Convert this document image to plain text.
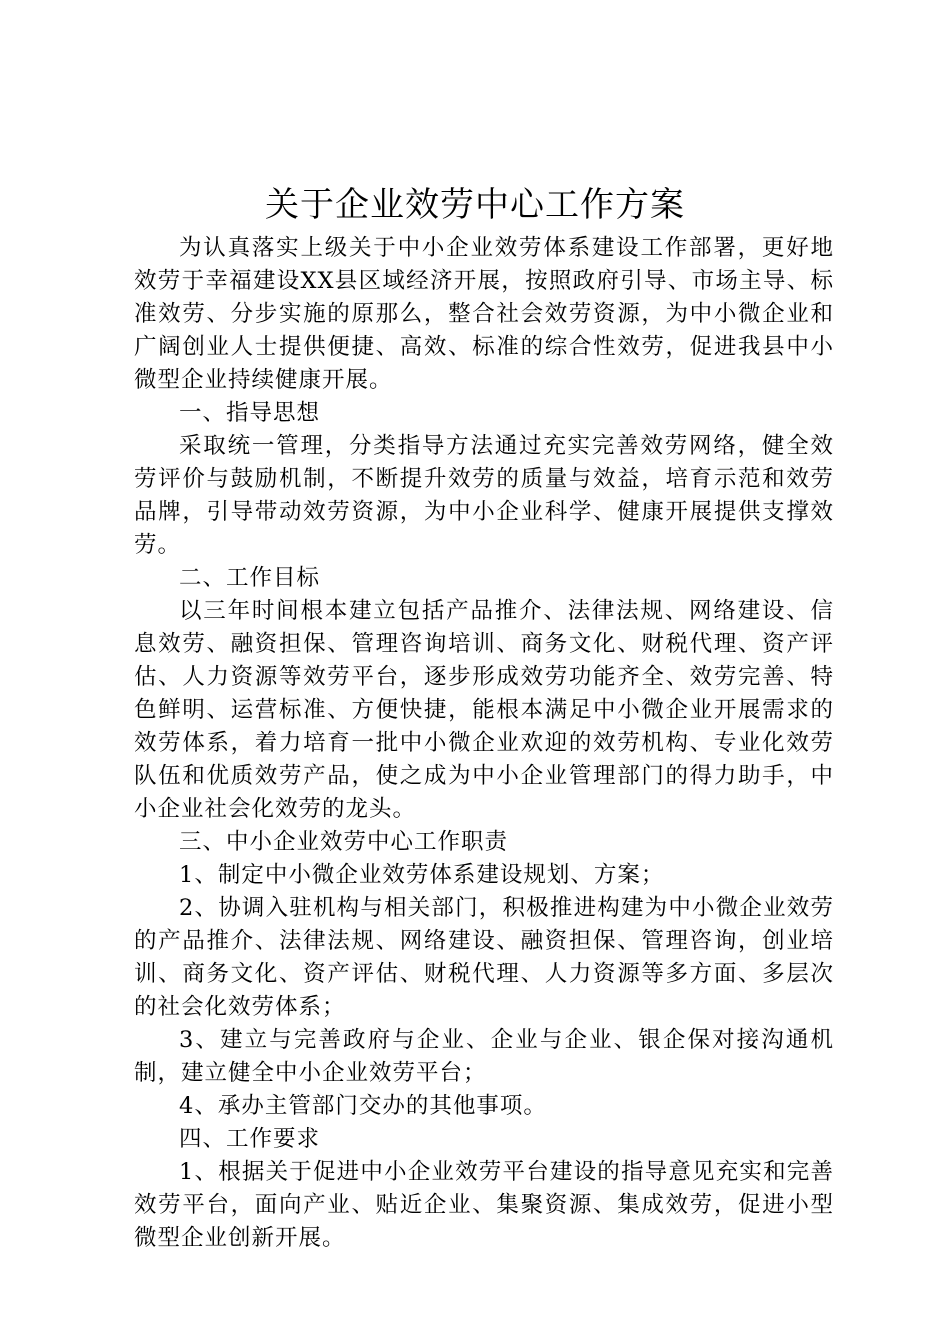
关于企业效劳中心工作方案

为认真落实上级关于中小企业效劳体系建设工作部署，更好地效劳于幸福建设XX县区域经济开展，按照政府引导、市场主导、标准效劳、分步实施的原那么，整合社会效劳资源，为中小微企业和广阔创业人士提供便捷、高效、标准的综合性效劳，促进我县中小微型企业持续健康开展。

一、指导思想

采取统一管理，分类指导方法通过充实完善效劳网络，健全效劳评价与鼓励机制，不断提升效劳的质量与效益，培育示范和效劳品牌，引导带动效劳资源，为中小企业科学、健康开展提供支撑效劳。

二、工作目标

以三年时间根本建立包括产品推介、法律法规、网络建设、信息效劳、融资担保、管理咨询培训、商务文化、财税代理、资产评估、人力资源等效劳平台，逐步形成效劳功能齐全、效劳完善、特色鲜明、运营标准、方便快捷，能根本满足中小微企业开展需求的效劳体系，着力培育一批中小微企业欢迎的效劳机构、专业化效劳队伍和优质效劳产品，使之成为中小企业管理部门的得力助手，中小企业社会化效劳的龙头。

三、中小企业效劳中心工作职责

1、制定中小微企业效劳体系建设规划、方案；

2、协调入驻机构与相关部门，积极推进构建为中小微企业效劳的产品推介、法律法规、网络建设、融资担保、管理咨询，创业培训、商务文化、资产评估、财税代理、人力资源等多方面、多层次的社会化效劳体系；

3、建立与完善政府与企业、企业与企业、银企保对接沟通机制，建立健全中小企业效劳平台；

4、承办主管部门交办的其他事项。

四、工作要求

1、根据关于促进中小企业效劳平台建设的指导意见充实和完善效劳平台，面向产业、贴近企业、集聚资源、集成效劳，促进小型微型企业创新开展。
